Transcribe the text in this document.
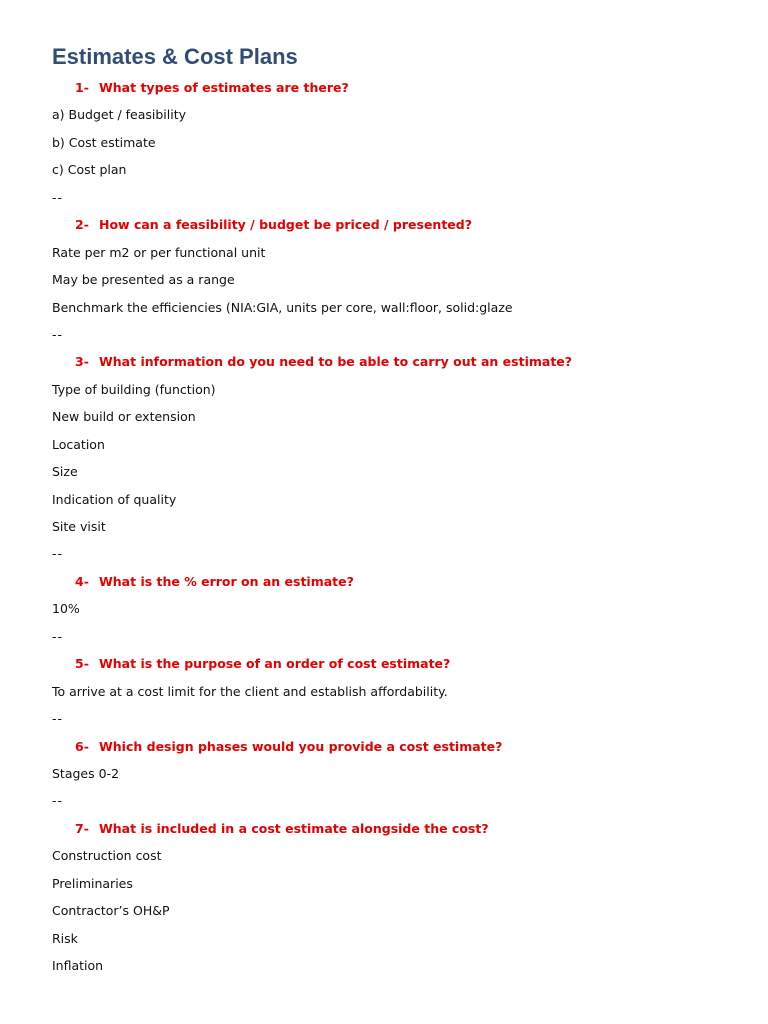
Estimates & Cost Plans
1- What types of estimates are there?
a) Budget / feasibility
b) Cost estimate
c) Cost plan
--
2- How can a feasibility / budget be priced / presented?
Rate per m2 or per functional unit
May be presented as a range
Benchmark the efficiencies (NIA:GIA, units per core, wall:floor, solid:glaze
--
3- What information do you need to be able to carry out an estimate?
Type of building (function)
New build or extension
Location
Size
Indication of quality
Site visit
--
4- What is the % error on an estimate?
10%
--
5- What is the purpose of an order of cost estimate?
To arrive at a cost limit for the client and establish affordability.
--
6- Which design phases would you provide a cost estimate?
Stages 0-2
--
7- What is included in a cost estimate alongside the cost?
Construction cost
Preliminaries
Contractor’s OH&P
Risk
Inflation
